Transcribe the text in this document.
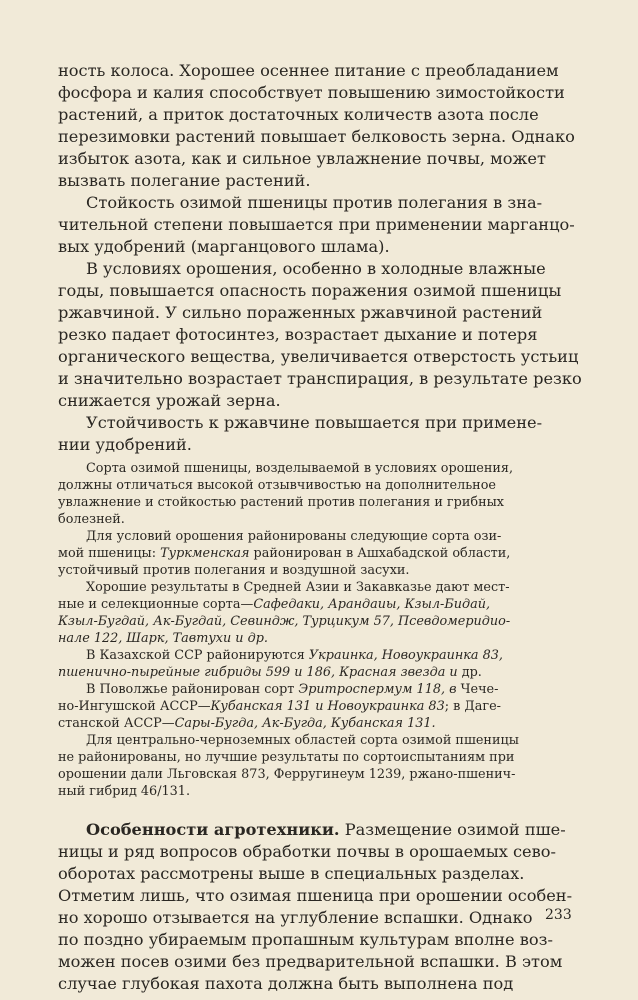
ность колоса. Хорошее осеннее питание с преобладанием
фосфора и калия способствует повышению зимостойкости
растений, а приток достаточных количеств азота после
перезимовки растений повышает белковость зерна. Однако
избыток азота, как и сильное увлажнение почвы, может
вызвать полегание растений.
Стойкость озимой пшеницы против полегания в зна-
чительной степени повышается при применении марганцо-
вых удобрений (марганцового шлама).
В условиях орошения, особенно в холодные влажные
годы, повышается опасность поражения озимой пшеницы
ржавчиной. У сильно пораженных ржавчиной растений
резко падает фотосинтез, возрастает дыхание и потеря
органического вещества, увеличивается отверстость устьиц
и значительно возрастает транспирация, в результате резко
снижается урожай зерна.
Устойчивость к ржавчине повышается при примене-
нии удобрений.
Сорта озимой пшеницы, возделываемой в условиях орошения,
должны отличаться высокой отзывчивостью на дополнительное
увлажнение и стойкостью растений против полегания и грибных
болезней.
Для условий орошения районированы следующие сорта ози-
мой пшеницы: Туркменская районирован в Ашхабадской области,
устойчивый против полегания и воздушной засухи.
Хорошие результаты в Средней Азии и Закавказье дают мест-
ные и селекционные сорта—Сафедаки, Арандаиы, Кзыл-Бидай,
Кзыл-Бугдай, Ак-Бугдай, Севиндж, Турцикум 57, Псевдомеридио-
нале 122, Шарк, Тавтухи и др.
В Казахской ССР районируются Украинка, Новоукраинка 83,
пшенично-пырейные гибриды 599 и 186, Красная звезда и др.
В Поволжье районирован сорт Эритроспермум 118, в Чече-
но-Ингушской АССР—Кубанская 131 и Новоукраинка 83; в Даге-
станской АССР—Сары-Бугда, Ак-Бугда, Кубанская 131.
Для центрально-черноземных областей сорта озимой пшеницы
не районированы, но лучшие результаты по сортоиспытаниям при
орошении дали Льговская 873, Ферругинеум 1239, ржано-пшенич-
ный гибрид 46/131.
Особенности агротехники. Размещение озимой пше-
ницы и ряд вопросов обработки почвы в орошаемых сево-
оборотах рассмотрены выше в специальных разделах.
Отметим лишь, что озимая пшеница при орошении особен-
но хорошо отзывается на углубление вспашки. Однако
по поздно убираемым пропашным культурам вполне воз-
можен посев озими без предварительной вспашки. В этом
случае глубокая пахота должна быть выполнена под
233
